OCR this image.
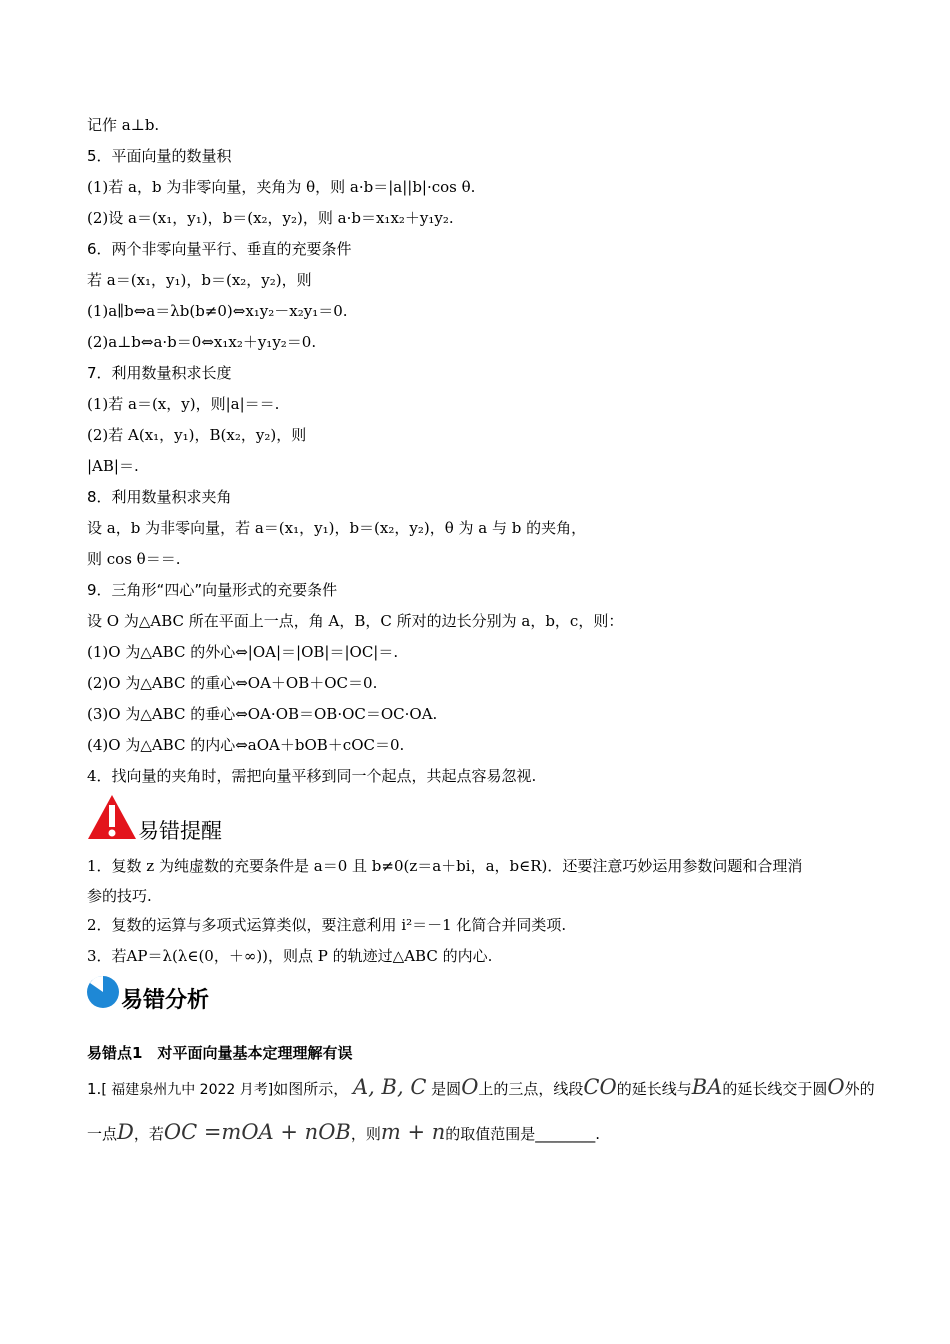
记作 a⊥b.
5．平面向量的数量积
(1)若 a，b 为非零向量，夹角为 θ，则 a·b＝|a||b|·cos θ.
(2)设 a＝(x₁，y₁)，b＝(x₂，y₂)，则 a·b＝x₁x₂＋y₁y₂.
6．两个非零向量平行、垂直的充要条件
若 a＝(x₁，y₁)，b＝(x₂，y₂)，则
(1)a∥b⇔a＝λb(b≠0)⇔x₁y₂－x₂y₁＝0.
(2)a⊥b⇔a·b＝0⇔x₁x₂＋y₁y₂＝0.
7．利用数量积求长度
(1)若 a＝(x，y)，则|a|＝＝.
(2)若 A(x₁，y₁)，B(x₂，y₂)，则
|AB|＝.
8．利用数量积求夹角
设 a，b 为非零向量，若 a＝(x₁，y₁)，b＝(x₂，y₂)，θ 为 a 与 b 的夹角，
则 cos θ＝＝.
9．三角形“四心”向量形式的充要条件
设 O 为△ABC 所在平面上一点，角 A，B，C 所对的边长分别为 a，b，c，则：
(1)O 为△ABC 的外心⇔|OA|＝|OB|＝|OC|＝.
(2)O 为△ABC 的重心⇔OA＋OB＋OC＝0.
(3)O 为△ABC 的垂心⇔OA·OB＝OB·OC＝OC·OA.
(4)O 为△ABC 的内心⇔aOA＋bOB＋cOC＝0.
4．找向量的夹角时，需把向量平移到同一个起点，共起点容易忽视.
1．复数 z 为纯虚数的充要条件是 a＝0 且 b≠0(z＝a＋bi，a，b∈R)．还要注意巧妙运用参数问题和合理消
参的技巧.
2．复数的运算与多项式运算类似，要注意利用 i²＝－1 化简合并同类项.
3．若AP＝λ(λ∈(0，＋∞))，则点 P 的轨迹过△ABC 的内心.
易错提醒
易错分析
易错点1　对平面向量基本定理理解有误
1.[ 福建泉州九中 2022 月考]如图所示， A, B, C 是圆O上的三点，线段CO的延长线与BA的延长线交于圆O外的一点D，若OC =mOA + nOB，则m + n的取值范围是________.
